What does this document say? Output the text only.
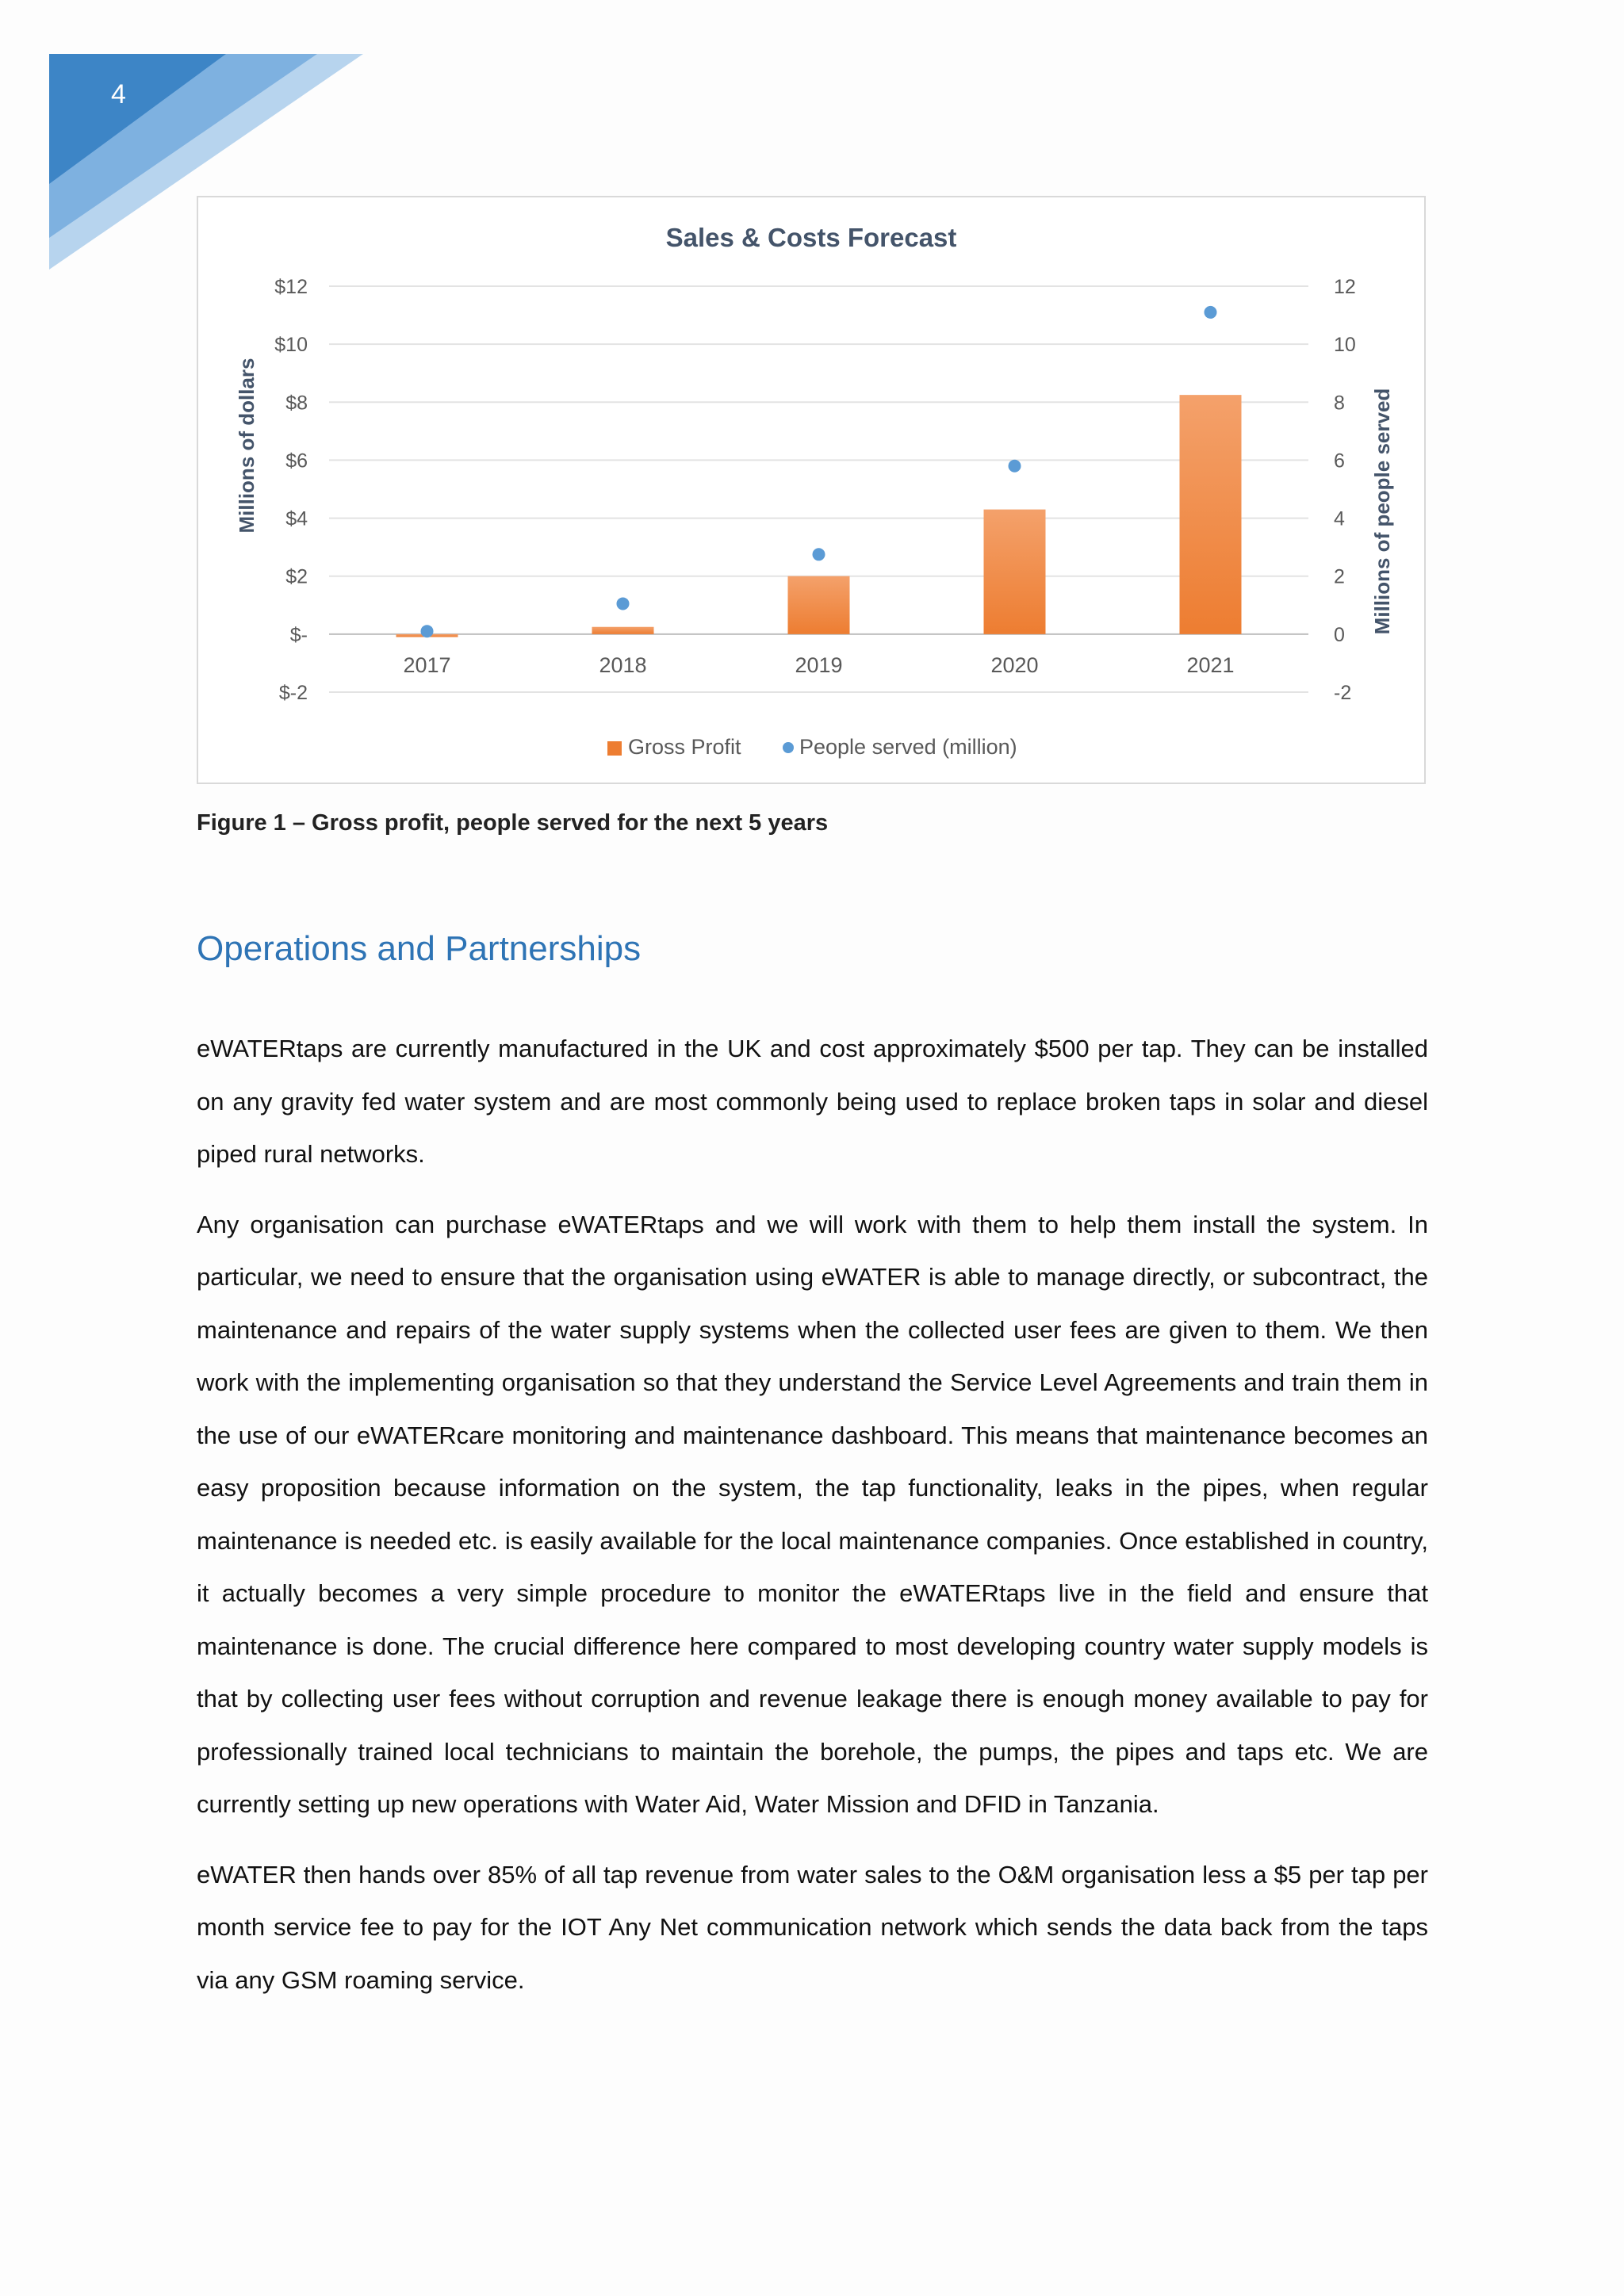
4
Sales & Costs Forecast
$-2
$-
$2
$4
$6
$8
$10
$12
-2
0
2
4
6
8
10
12
2017	2018	2019	2020	2021
Millions of dollars	Millions of people served
Gross Profit	People served (million)
Figure 1 – Gross profit, people served for the next 5 years
Operations and Partnerships

eWATERtaps are currently manufactured in the UK and cost approximately $500 per tap. They can be installed on any gravity fed water system and are most commonly being used to replace broken taps in solar and diesel piped rural networks.

Any organisation can purchase eWATERtaps and we will work with them to help them install the system. In particular, we need to ensure that the organisation using eWATER is able to manage directly, or subcontract, the maintenance and repairs of the water supply systems when the collected user fees are given to them. We then work with the implementing organisation so that they understand the Service Level Agreements and train them in the use of our eWATERcare monitoring and maintenance dashboard. This means that maintenance becomes an easy proposition because information on the system, the tap functionality, leaks in the pipes, when regular maintenance is needed etc. is easily available for the local maintenance companies. Once established in country, it actually becomes a very simple procedure to monitor the eWATERtaps live in the field and ensure that maintenance is done. The crucial difference here compared to most developing country water supply models is that by collecting user fees without corruption and revenue leakage there is enough money available to pay for professionally trained local technicians to maintain the borehole, the pumps, the pipes and taps etc. We are currently setting up new operations with Water Aid, Water Mission and DFID in Tanzania.

eWATER then hands over 85% of all tap revenue from water sales to the O&M organisation less a $5 per tap per month service fee to pay for the IOT Any Net communication network which sends the data back from the taps via any GSM roaming service.
